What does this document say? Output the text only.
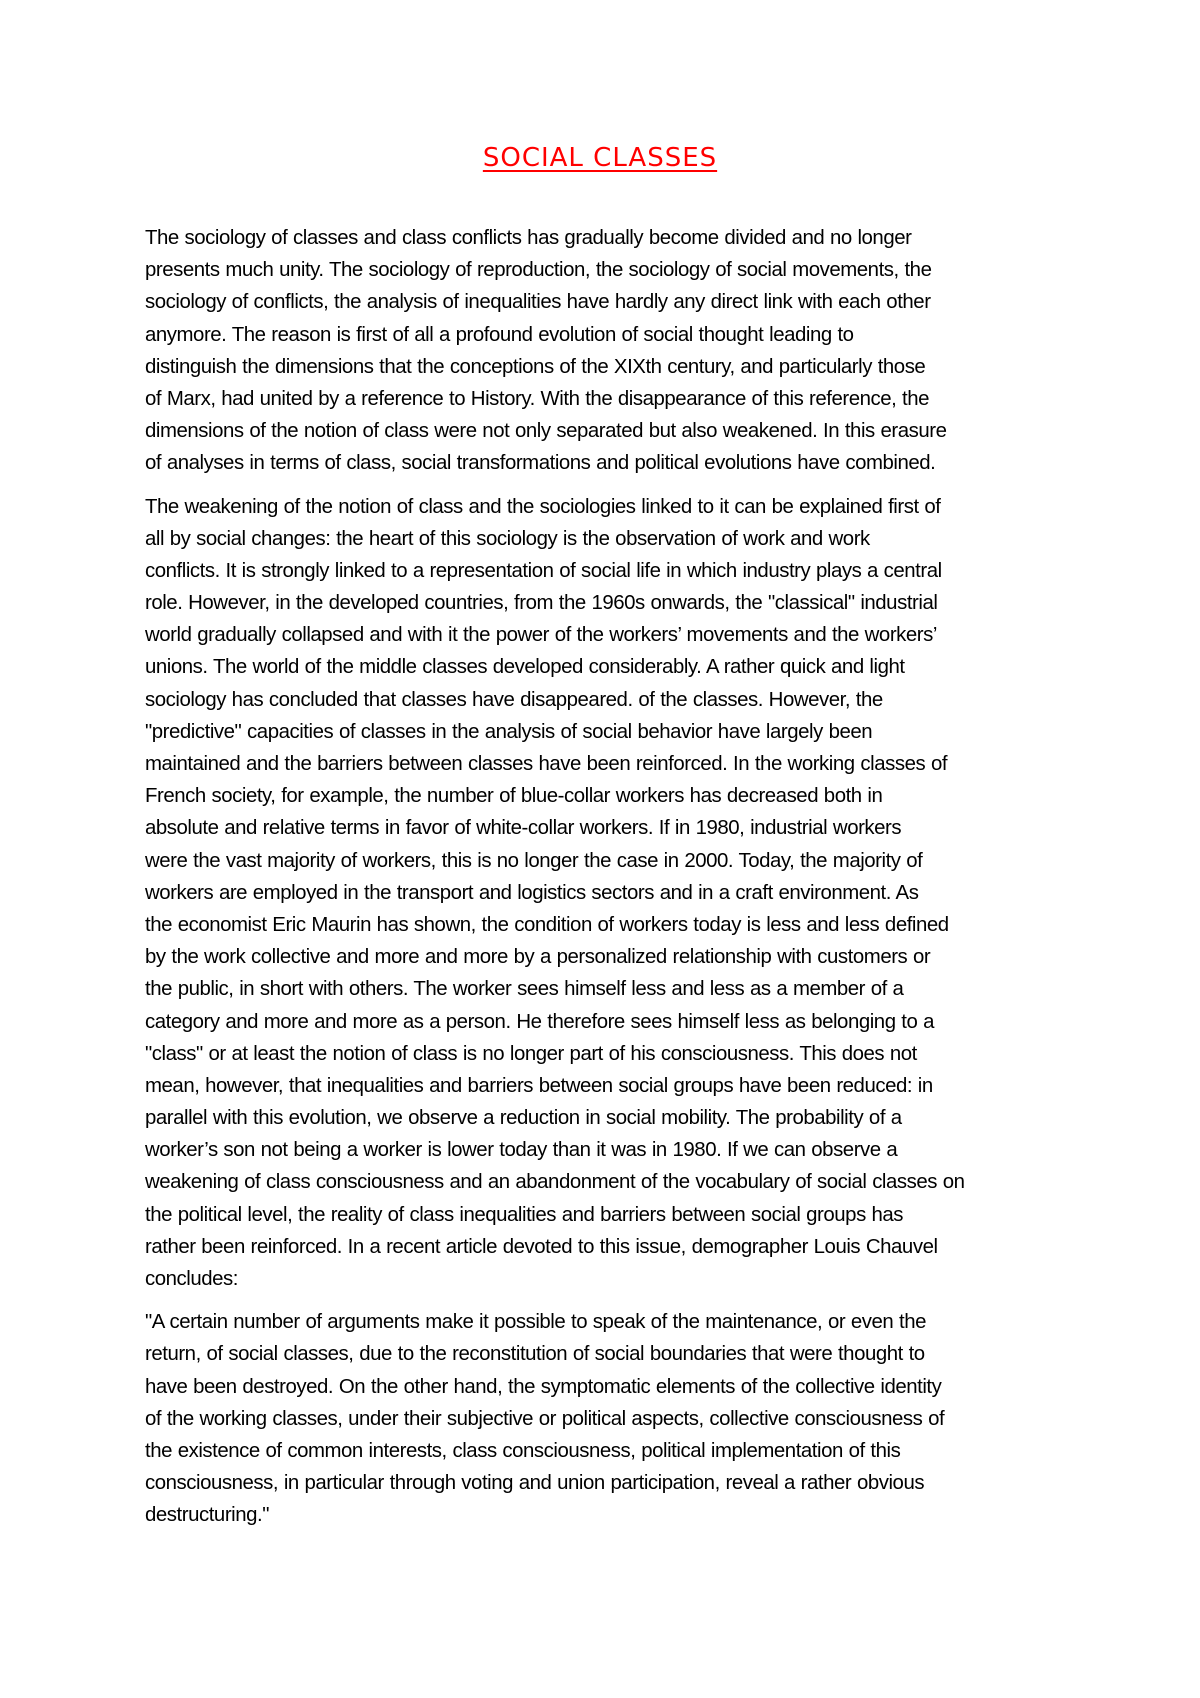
SOCIAL CLASSES

The sociology of classes and class conflicts has gradually become divided and no longer
presents much unity. The sociology of reproduction, the sociology of social movements, the
sociology of conflicts, the analysis of inequalities have hardly any direct link with each other
anymore. The reason is first of all a profound evolution of social thought leading to
distinguish the dimensions that the conceptions of the XIXth century, and particularly those
of Marx, had united by a reference to History. With the disappearance of this reference, the
dimensions of the notion of class were not only separated but also weakened. In this erasure
of analyses in terms of class, social transformations and political evolutions have combined.

The weakening of the notion of class and the sociologies linked to it can be explained first of
all by social changes: the heart of this sociology is the observation of work and work
conflicts. It is strongly linked to a representation of social life in which industry plays a central
role. However, in the developed countries, from the 1960s onwards, the "classical" industrial
world gradually collapsed and with it the power of the workers’ movements and the workers’
unions. The world of the middle classes developed considerably. A rather quick and light
sociology has concluded that classes have disappeared. of the classes. However, the
"predictive" capacities of classes in the analysis of social behavior have largely been
maintained and the barriers between classes have been reinforced. In the working classes of
French society, for example, the number of blue-collar workers has decreased both in
absolute and relative terms in favor of white-collar workers. If in 1980, industrial workers
were the vast majority of workers, this is no longer the case in 2000. Today, the majority of
workers are employed in the transport and logistics sectors and in a craft environment. As
the economist Eric Maurin has shown, the condition of workers today is less and less defined
by the work collective and more and more by a personalized relationship with customers or
the public, in short with others. The worker sees himself less and less as a member of a
category and more and more as a person. He therefore sees himself less as belonging to a
"class" or at least the notion of class is no longer part of his consciousness. This does not
mean, however, that inequalities and barriers between social groups have been reduced: in
parallel with this evolution, we observe a reduction in social mobility. The probability of a
worker’s son not being a worker is lower today than it was in 1980. If we can observe a
weakening of class consciousness and an abandonment of the vocabulary of social classes on
the political level, the reality of class inequalities and barriers between social groups has
rather been reinforced. In a recent article devoted to this issue, demographer Louis Chauvel
concludes:

"A certain number of arguments make it possible to speak of the maintenance, or even the
return, of social classes, due to the reconstitution of social boundaries that were thought to
have been destroyed. On the other hand, the symptomatic elements of the collective identity
of the working classes, under their subjective or political aspects, collective consciousness of
the existence of common interests, class consciousness, political implementation of this
consciousness, in particular through voting and union participation, reveal a rather obvious
destructuring."
